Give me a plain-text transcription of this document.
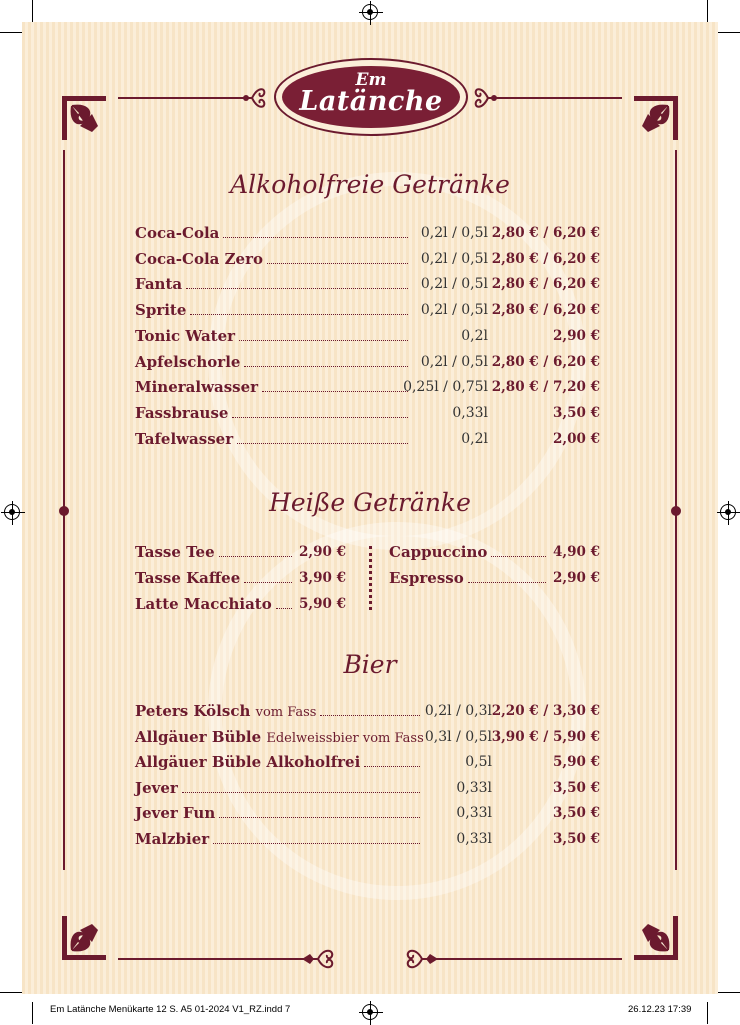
Em
Latänche
Alkoholfreie Getränke
Heiße Getränke
Bier
Coca-Cola	0,2l / 0,5l 2,80 € / 6,20 €
Coca-Cola Zero	0,2l / 0,5l 2,80 € / 6,20 €
Fanta	0,2l / 0,5l 2,80 € / 6,20 €
Sprite	0,2l / 0,5l 2,80 € / 6,20 €
Tonic Water	0,2l	2,90 €
Apfelschorle	0,2l / 0,5l 2,80 € / 6,20 €
Mineralwasser	0,25l / 0,75l 2,80 € / 7,20 €
Fassbrause	0,33l	3,50 €
Tafelwasser	0,2l	2,00 €
Tasse Tee	2,90 €
Tasse Kaffee	3,90 €
Latte Macchiato 5,90 €
Cappuccino	4,90 €
Espresso	2,90 €
Peters Kölsch vom Fass	0,2l / 0,3l 2,20 € / 3,30 €
Allgäuer Büble Edelweissbier vom Fass 0,3l / 0,5l 3,90 € / 5,90 €
Allgäuer Büble Alkoholfrei	0,5l	5,90 €
Jever	0,33l	3,50 €
Jever Fun	0,33l	3,50 €
Malzbier	0,33l	3,50 €
Em Latänche Menükarte 12 S. A5 01-2024 V1_RZ.indd 7	26.12.23 17:39
